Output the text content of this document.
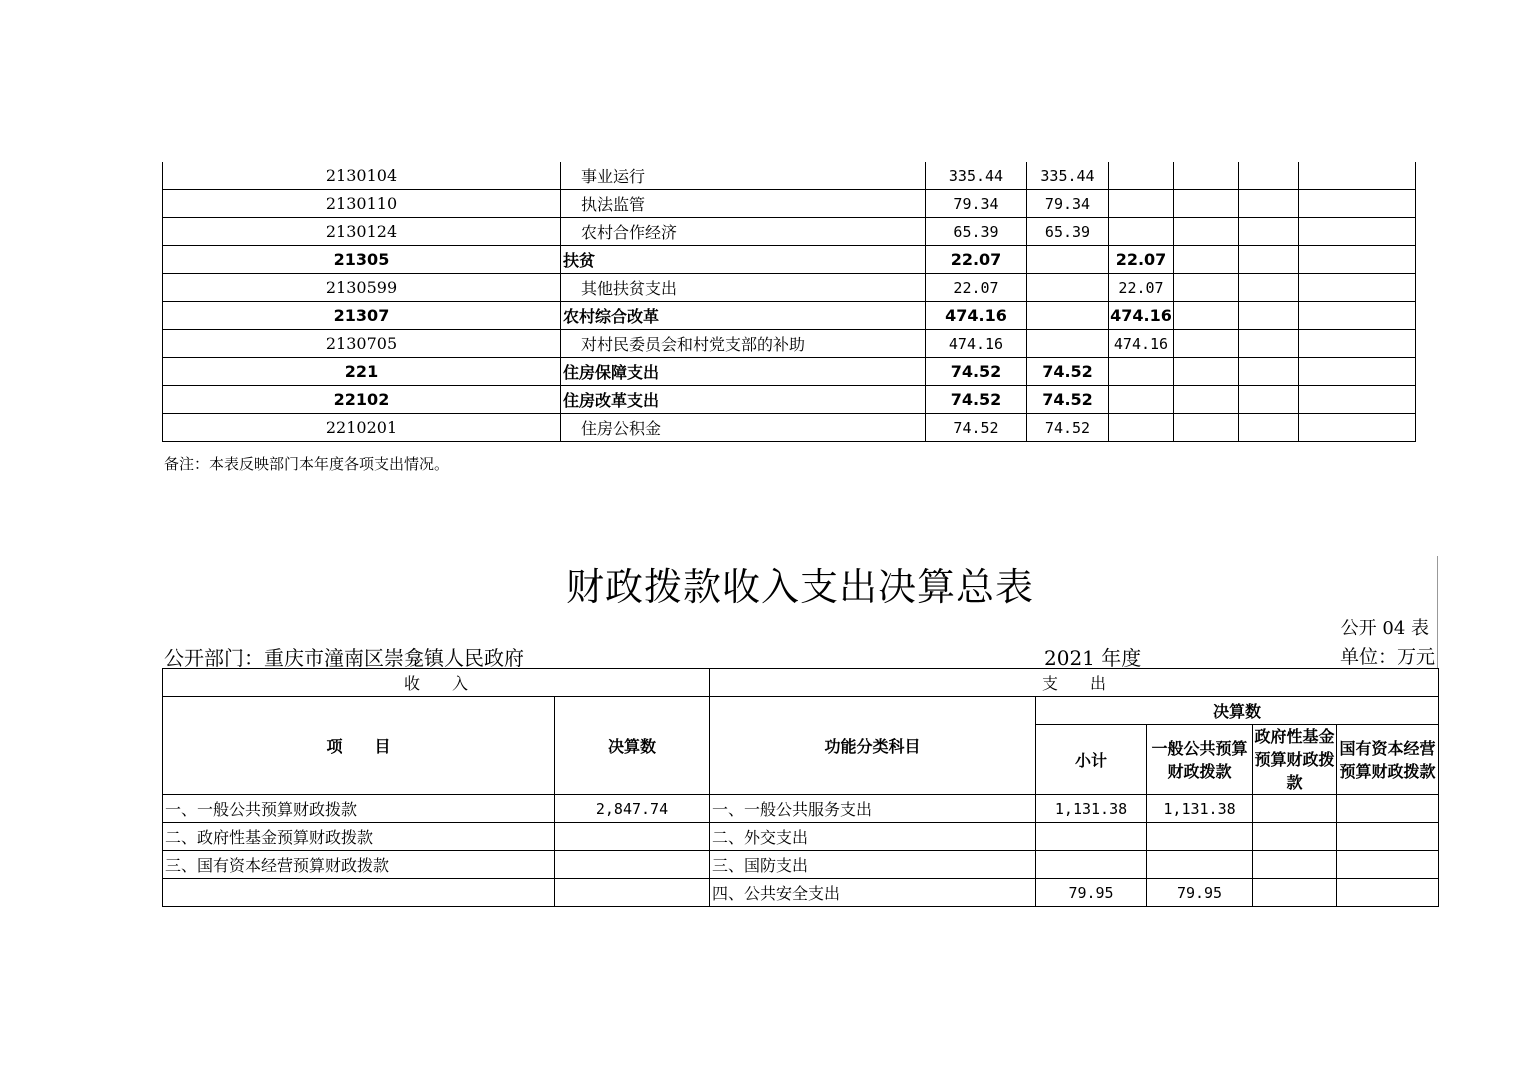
2130104	事业运行	335.44	335.44				
2130110	执法监管	79.34	79.34				
2130124	农村合作经济	65.39	65.39				
21305	扶贫	22.07		22.07			
2130599	其他扶贫支出	22.07		22.07			
21307	农村综合改革	474.16		474.16			
2130705	对村民委员会和村党支部的补助	474.16		474.16			
221	住房保障支出	74.52	74.52				
22102	住房改革支出	74.52	74.52				
2210201	住房公积金	74.52	74.52				
备注：本表反映部门本年度各项支出情况。
财政拨款收入支出决算总表
公开 04 表
公开部门：重庆市潼南区崇龛镇人民政府	2021 年度	单位：万元
收　　入		支　　出				
项　　目	决算数	功能分类科目	决算数			
			小计	一般公共预算财政拨款	政府性基金预算财政拨款	国有资本经营预算财政拨款
一、一般公共预算财政拨款	2,847.74	一、一般公共服务支出	1,131.38	1,131.38		
二、政府性基金预算财政拨款		二、外交支出				
三、国有资本经营预算财政拨款		三、国防支出				
		四、公共安全支出	79.95	79.95		
